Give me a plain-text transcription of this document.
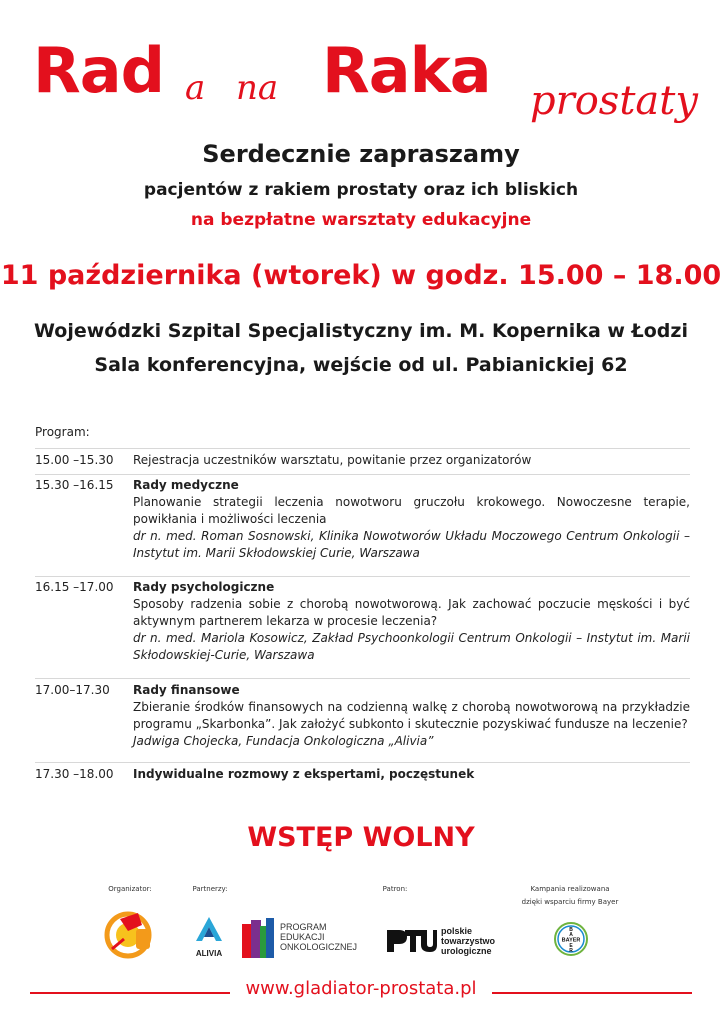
Rad a na Raka prostaty
Serdecznie zapraszamy
pacjentów z rakiem prostaty oraz ich bliskich
na bezpłatne warsztaty edukacyjne
11 października (wtorek) w godz. 15.00 – 18.00
Wojewódzki Szpital Specjalistyczny im. M. Kopernika w Łodzi
Sala konferencyjna, wejście od ul. Pabianickiej 62
Program:
15.00 –15.30	Rejestracja uczestników warsztatu, powitanie przez organizatorów
15.30 –16.15	Rady medyczne
Planowanie strategii leczenia nowotworu gruczołu krokowego. Nowoczesne terapie, powikłania i możliwości leczenia
dr n. med. Roman Sosnowski, Klinika Nowotworów Układu Moczowego Centrum Onkologii – Instytut im. Marii Skłodowskiej Curie, Warszawa
16.15 –17.00	Rady psychologiczne
Sposoby radzenia sobie z chorobą nowotworową. Jak zachować poczucie męskości i być aktywnym partnerem lekarza w procesie leczenia?
dr n. med. Mariola Kosowicz, Zakład Psychoonkologii Centrum Onkologii – Instytut im. Marii Skłodowskiej-Curie, Warszawa
17.00–17.30	Rady finansowe
Zbieranie środków finansowych na codzienną walkę z chorobą nowotworową na przykładzie programu „Skarbonka”. Jak założyć subkonto i skutecznie pozyskiwać fundusze na leczenie?
Jadwiga Chojecka, Fundacja Onkologiczna „Alivia”
17.30 –18.00	Indywidualne rozmowy z ekspertami, poczęstunek
WSTĘP WOLNY
Organizator:	Partnerzy:	Patron:	Kampania realizowana
dzięki wsparciu firmy Bayer
ALIVIA
PROGRAM
EDUKACJI
ONKOLOGICZNEJ
polskie
towarzystwo
urologiczne
B
A
BAYER
E
R
www.gladiator-prostata.pl
